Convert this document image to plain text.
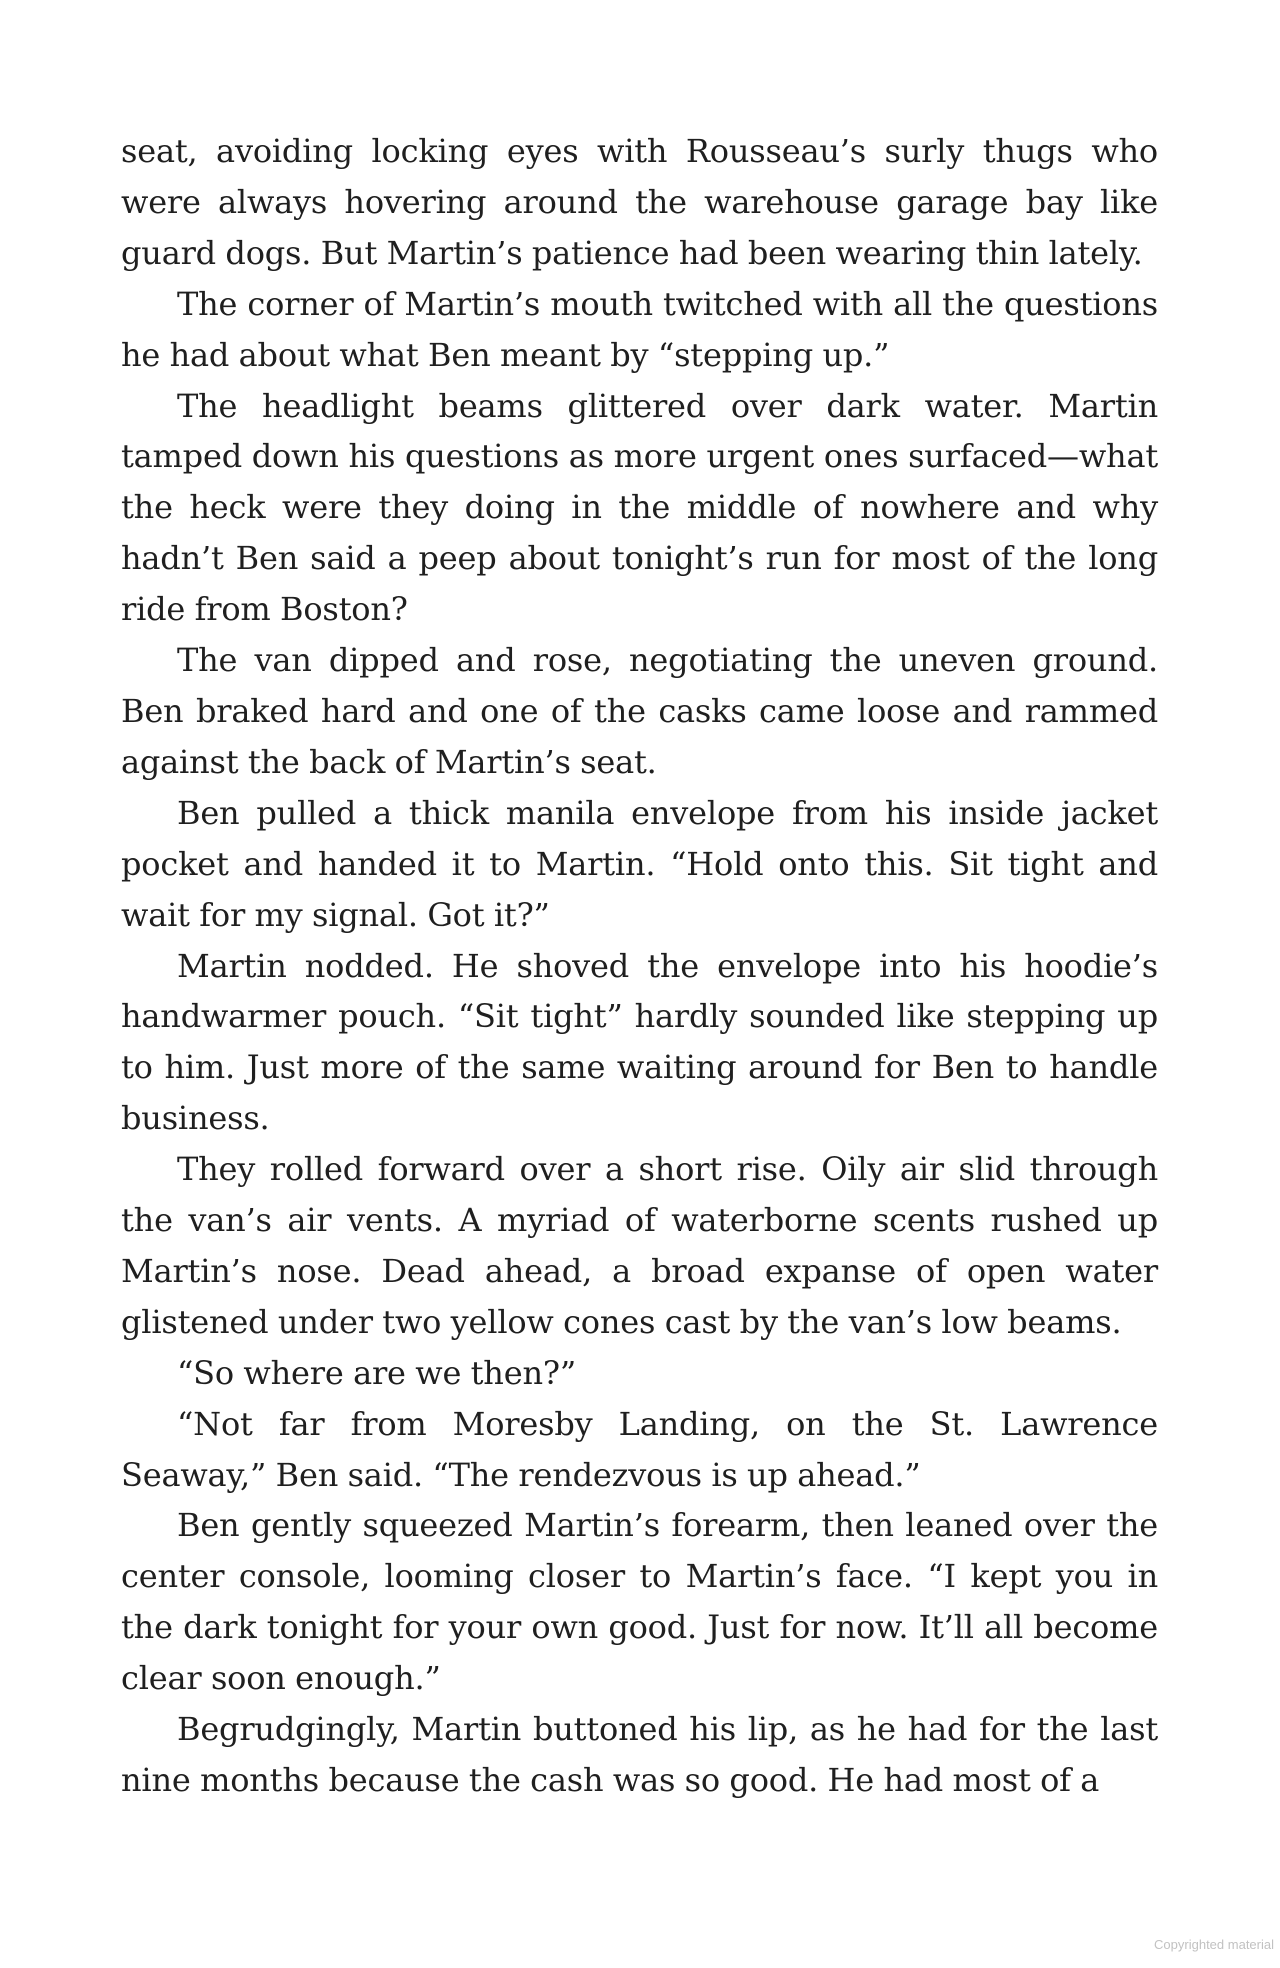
seat, avoiding locking eyes with Rousseau’s surly thugs who were always hovering around the warehouse garage bay like guard dogs. But Martin’s patience had been wearing thin lately.

The corner of Martin’s mouth twitched with all the questions he had about what Ben meant by “stepping up.”

The headlight beams glittered over dark water. Martin tamped down his questions as more urgent ones surfaced—what the heck were they doing in the middle of nowhere and why hadn’t Ben said a peep about tonight’s run for most of the long ride from Boston?

The van dipped and rose, negotiating the uneven ground. Ben braked hard and one of the casks came loose and rammed against the back of Martin’s seat.

Ben pulled a thick manila envelope from his inside jacket pocket and handed it to Martin. “Hold onto this. Sit tight and wait for my signal. Got it?”

Martin nodded. He shoved the envelope into his hoodie’s handwarmer pouch. “Sit tight” hardly sounded like stepping up to him. Just more of the same waiting around for Ben to handle business.

They rolled forward over a short rise. Oily air slid through the van’s air vents. A myriad of waterborne scents rushed up Martin’s nose. Dead ahead, a broad expanse of open water glistened under two yellow cones cast by the van’s low beams.

“So where are we then?”

“Not far from Moresby Landing, on the St. Lawrence Seaway,” Ben said. “The rendezvous is up ahead.”

Ben gently squeezed Martin’s forearm, then leaned over the center console, looming closer to Martin’s face. “I kept you in the dark tonight for your own good. Just for now. It’ll all become clear soon enough.”

Begrudgingly, Martin buttoned his lip, as he had for the last nine months because the cash was so good. He had most of a

Copyrighted material
